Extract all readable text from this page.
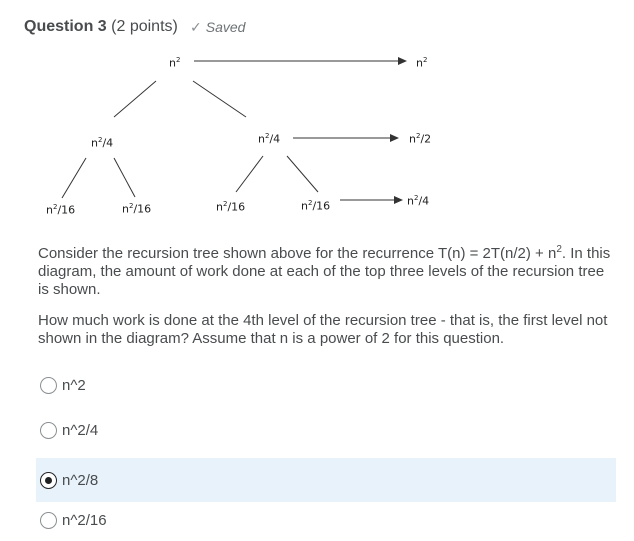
Question 3 (2 points) ✓ Saved
$n^2$	$n^2$
$n^2/4$	$n^2/4$	$n^2/2$
$n^2/16$	$n^2/16$	$n^2/16$	$n^2/16$	$n^2/4$
Consider the recursion tree shown above for the recurrence $T(n) = 2T(n/2) + n^2$. In this diagram, the amount of work done at each of the top three levels of the recursion tree is shown.
How much work is done at the 4th level of the recursion tree - that is, the first level not shown in the diagram? Assume that n is a power of 2 for this question.
n^2
n^2/4
n^2/8
n^2/16
